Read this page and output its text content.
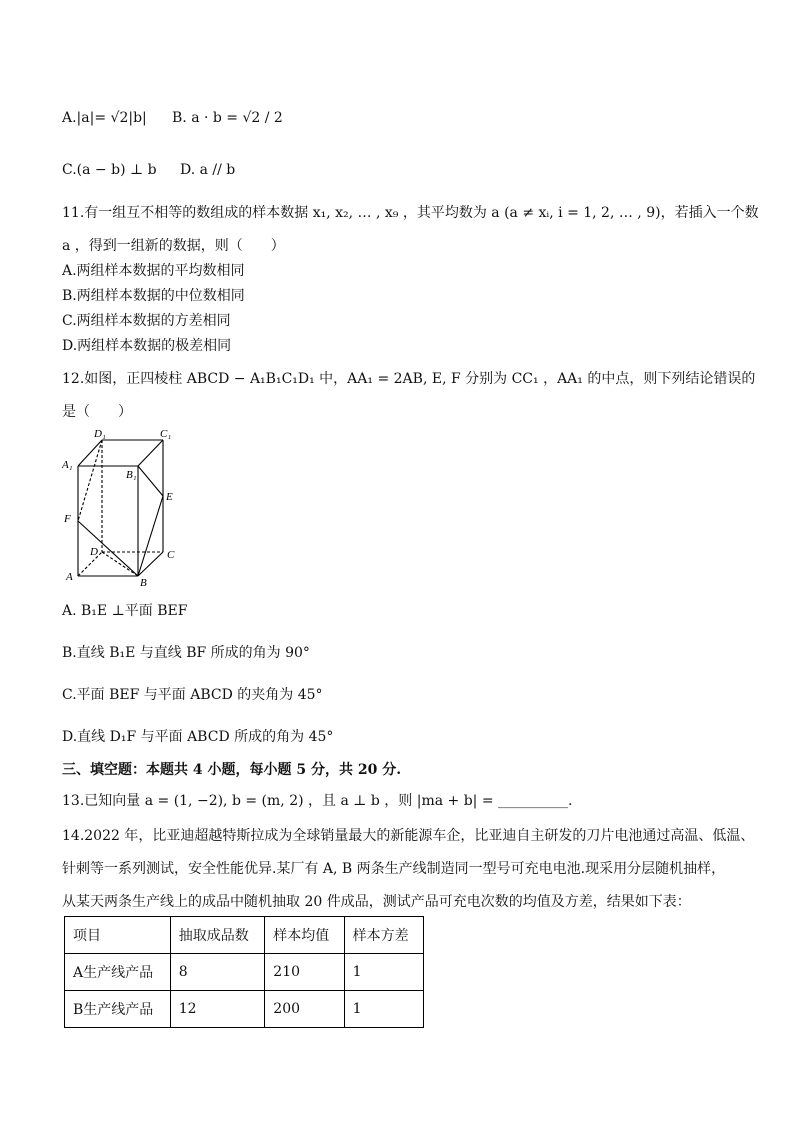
A.|a|= √2|b| B. a · b = √2 / 2
C.(a − b) ⊥ b D. a // b
11.有一组互不相等的数组成的样本数据 x₁, x₂, … , x₉ ，其平均数为 a (a ≠ xᵢ, i = 1, 2, … , 9)，若插入一个数
a ，得到一组新的数据，则（　　）
A.两组样本数据的平均数相同
B.两组样本数据的中位数相同
C.两组样本数据的方差相同
D.两组样本数据的极差相同
12.如图，正四棱柱 ABCD − A₁B₁C₁D₁ 中，AA₁ = 2AB, E, F 分别为 CC₁ ，AA₁ 的中点，则下列结论错误的
是（　　）
D₁	C₁
A₁
B₁
E
F
D	C
A	B
A. B₁E ⊥平面 BEF
B.直线 B₁E 与直线 BF 所成的角为 90°
C.平面 BEF 与平面 ABCD 的夹角为 45°
D.直线 D₁F 与平面 ABCD 所成的角为 45°
三、填空题：本题共 4 小题，每小题 5 分，共 20 分.
13.已知向量 a = (1, −2), b = (m, 2) ，且 a ⊥ b ，则 |ma + b| = __________.
14.2022 年，比亚迪超越特斯拉成为全球销量最大的新能源车企，比亚迪自主研发的刀片电池通过高温、低温、
针刺等一系列测试，安全性能优异.某厂有 A, B 两条生产线制造同一型号可充电电池.现采用分层随机抽样，
从某天两条生产线上的成品中随机抽取 20 件成品，测试产品可充电次数的均值及方差，结果如下表：
项目	抽取成品数	样本均值	样本方差
A生产线产品	8	210	1
B生产线产品	12	200	1
